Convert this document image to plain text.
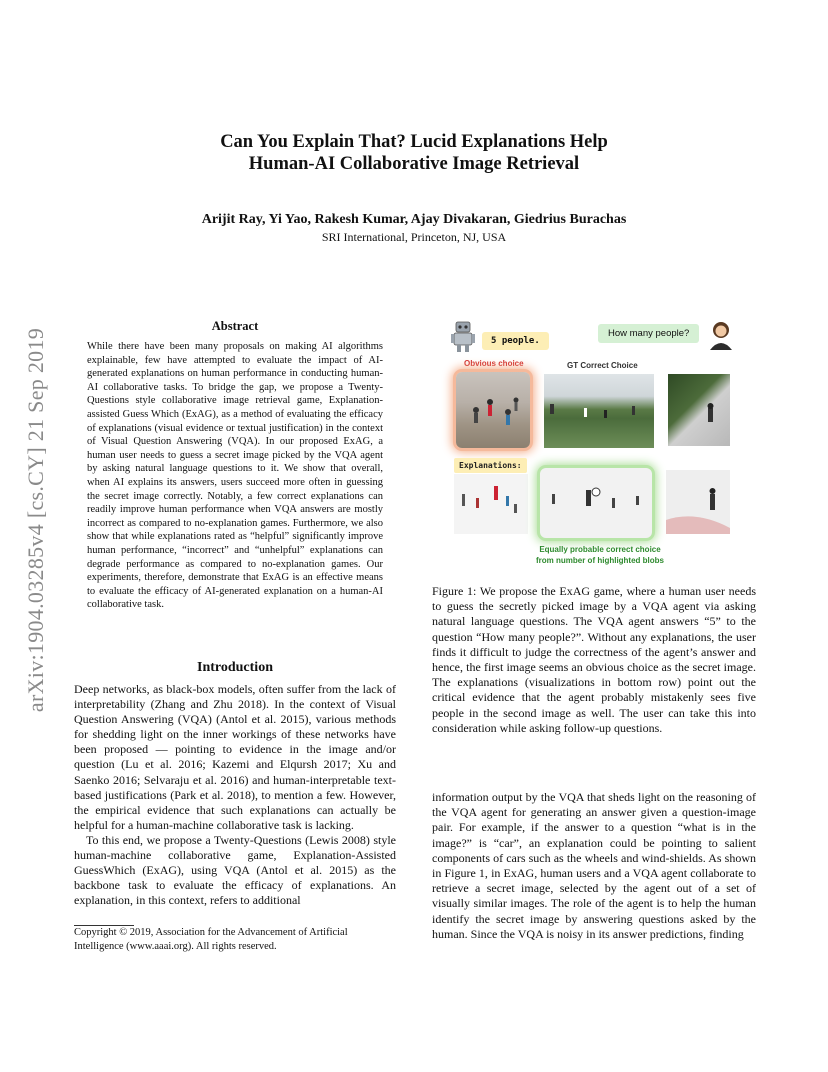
arXiv:1904.03285v4 [cs.CY] 21 Sep 2019
Can You Explain That? Lucid Explanations Help
Human-AI Collaborative Image Retrieval
Arijit Ray, Yi Yao, Rakesh Kumar, Ajay Divakaran, Giedrius Burachas
SRI International, Princeton, NJ, USA
Abstract
While there have been many proposals on making AI algorithms explainable, few have attempted to evaluate the impact of AI-generated explanations on human performance in conducting human-AI collaborative tasks. To bridge the gap, we propose a Twenty-Questions style collaborative image retrieval game, Explanation-assisted Guess Which (ExAG), as a method of evaluating the efficacy of explanations (visual evidence or textual justification) in the context of Visual Question Answering (VQA). In our proposed ExAG, a human user needs to guess a secret image picked by the VQA agent by asking natural language questions to it. We show that overall, when AI explains its answers, users succeed more often in guessing the secret image correctly. Notably, a few correct explanations can readily improve human performance when VQA answers are mostly incorrect as compared to no-explanation games. Furthermore, we also show that while explanations rated as “helpful” significantly improve human performance, “incorrect” and “unhelpful” explanations can degrade performance as compared to no-explanation games. Our experiments, therefore, demonstrate that ExAG is an effective means to evaluate the efficacy of AI-generated explanation on a human-AI collaborative task.
Introduction

Deep networks, as black-box models, often suffer from the lack of interpretability (Zhang and Zhu 2018). In the context of Visual Question Answering (VQA) (Antol et al. 2015), various methods for shedding light on the inner workings of these networks have been proposed — pointing to evidence in the image and/or question (Lu et al. 2016; Kazemi and Elqursh 2017; Xu and Saenko 2016; Selvaraju et al. 2016) and human-interpretable text-based justifications (Park et al. 2018), to mention a few. However, the empirical evidence that such explanations can actually be helpful for a human-machine collaborative task is lacking.

To this end, we propose a Twenty-Questions (Lewis 2008) style human-machine collaborative game, Explanation-Assisted GuessWhich (ExAG), using VQA (Antol et al. 2015) as the backbone task to evaluate the efficacy of explanations. An explanation, in this context, refers to additional

Copyright © 2019, Association for the Advancement of Artificial Intelligence (www.aaai.org). All rights reserved.
5 people.
How many people?
Obvious choice	GT Correct Choice
Explanations:
Equally probable correct choice
from number of highlighted blobs
Figure 1: We propose the ExAG game, where a human user needs to guess the secretly picked image by a VQA agent via asking natural language questions. The VQA agent answers “5” to the question “How many people?”. Without any explanations, the user finds it difficult to judge the correctness of the agent’s answer and hence, the first image seems an obvious choice as the secret image. The explanations (visualizations in bottom row) point out the critical evidence that the agent probably mistakenly sees five people in the second image as well. The user can take this into consideration while asking follow-up questions.
information output by the VQA that sheds light on the reasoning of the VQA agent for generating an answer given a question-image pair. For example, if the answer to a question “what is in the image?” is “car”, an explanation could be pointing to salient components of cars such as the wheels and wind-shields. As shown in Figure 1, in ExAG, human users and a VQA agent collaborate to retrieve a secret image, selected by the agent out of a set of visually similar images. The role of the agent is to help the human identify the secret image by answering questions asked by the human. Since the VQA is noisy in its answer predictions, finding
